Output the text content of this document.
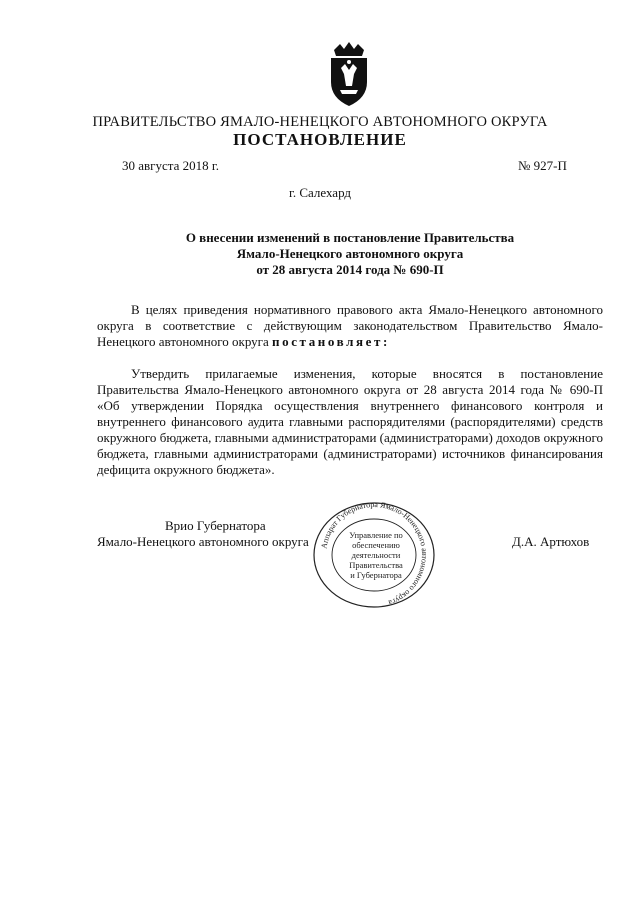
ПРАВИТЕЛЬСТВО ЯМАЛО-НЕНЕЦКОГО АВТОНОМНОГО ОКРУГА
ПОСТАНОВЛЕНИЕ
30 августа 2018 г.	№ 927-П
г. Салехард
О внесении изменений в постановление Правительства
Ямало-Ненецкого автономного округа
от 28 августа 2014 года № 690-П
В целях приведения нормативного правового акта Ямало-Ненецкого автономного округа в соответствие с действующим законодательством Правительство Ямало-Ненецкого автономного округа постановляет:
Утвердить прилагаемые изменения, которые вносятся в постановление Правительства Ямало-Ненецкого автономного округа от 28 августа 2014 года № 690-П «Об утверждении Порядка осуществления внутреннего финансового контроля и внутреннего финансового аудита главными распорядителями (распорядителями) средств окружного бюджета, главными администраторами (администраторами) доходов окружного бюджета, главными администраторами (администраторами) источников финансирования дефицита окружного бюджета».
Врио Губернатора
Ямало-Ненецкого автономного округа	Аппарат Губернатора Ямало-Ненецкого автономного округа
Управление по
обеспечению
деятельности
Правительства
и Губернатора
Д.А. Артюхов
